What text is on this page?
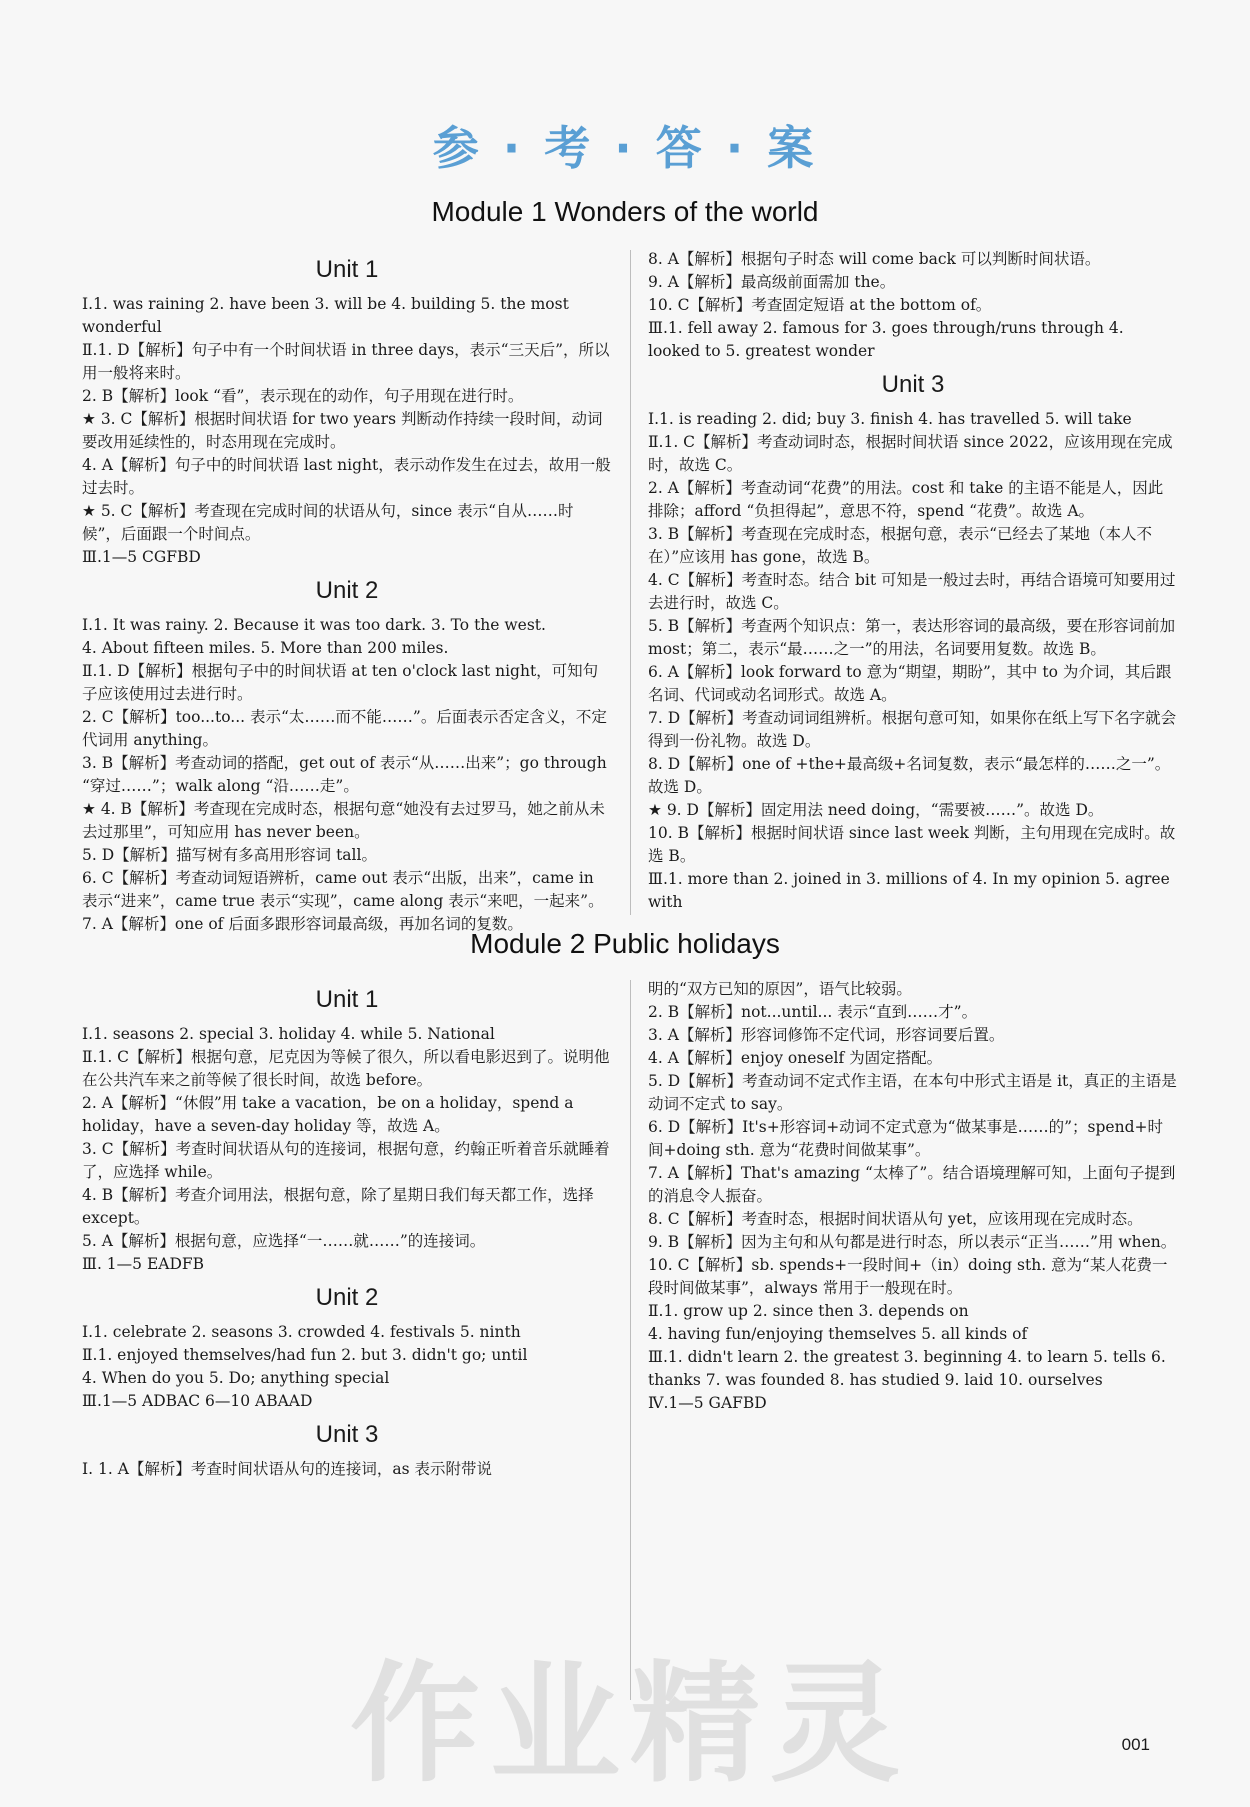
参 · 考 · 答 · 案
Module 1 Wonders of the world
Unit 1
Ⅰ.1. was raining 2. have been 3. will be 4. building 5. the most wonderful
Ⅱ.1. D【解析】句子中有一个时间状语 in three days，表示“三天后”，所以用一般将来时。
2. B【解析】look “看”，表示现在的动作，句子用现在进行时。
★ 3. C【解析】根据时间状语 for two years 判断动作持续一段时间，动词要改用延续性的，时态用现在完成时。
4. A【解析】句子中的时间状语 last night，表示动作发生在过去，故用一般过去时。
★ 5. C【解析】考查现在完成时间的状语从句，since 表示“自从……时候”，后面跟一个时间点。
Ⅲ.1—5 CGFBD
Unit 2
Ⅰ.1. It was rainy. 2. Because it was too dark. 3. To the west.
4. About fifteen miles. 5. More than 200 miles.
Ⅱ.1. D【解析】根据句子中的时间状语 at ten o'clock last night，可知句子应该使用过去进行时。
2. C【解析】too...to... 表示“太……而不能……”。后面表示否定含义，不定代词用 anything。
3. B【解析】考查动词的搭配，get out of 表示“从……出来”；go through “穿过……”；walk along “沿……走”。
★ 4. B【解析】考查现在完成时态，根据句意“她没有去过罗马，她之前从未去过那里”，可知应用 has never been。
5. D【解析】描写树有多高用形容词 tall。
6. C【解析】考查动词短语辨析，came out 表示“出版，出来”，came in 表示“进来”，came true 表示“实现”，came along 表示“来吧，一起来”。
7. A【解析】one of 后面多跟形容词最高级，再加名词的复数。
8. A【解析】根据句子时态 will come back 可以判断时间状语。
9. A【解析】最高级前面需加 the。
10. C【解析】考查固定短语 at the bottom of。
Ⅲ.1. fell away 2. famous for 3. goes through/runs through 4. looked to 5. greatest wonder
Unit 3
Ⅰ.1. is reading 2. did; buy 3. finish 4. has travelled 5. will take
Ⅱ.1. C【解析】考查动词时态，根据时间状语 since 2022，应该用现在完成时，故选 C。
2. A【解析】考查动词“花费”的用法。cost 和 take 的主语不能是人，因此排除；afford “负担得起”，意思不符，spend “花费”。故选 A。
3. B【解析】考查现在完成时态，根据句意，表示“已经去了某地（本人不在）”应该用 has gone，故选 B。
4. C【解析】考查时态。结合 bit 可知是一般过去时，再结合语境可知要用过去进行时，故选 C。
5. B【解析】考查两个知识点：第一，表达形容词的最高级，要在形容词前加 most；第二，表示“最……之一”的用法，名词要用复数。故选 B。
6. A【解析】look forward to 意为“期望，期盼”，其中 to 为介词，其后跟名词、代词或动名词形式。故选 A。
7. D【解析】考查动词词组辨析。根据句意可知，如果你在纸上写下名字就会得到一份礼物。故选 D。
8. D【解析】one of +the+最高级+名词复数，表示“最怎样的……之一”。故选 D。
★ 9. D【解析】固定用法 need doing，“需要被……”。故选 D。
10. B【解析】根据时间状语 since last week 判断，主句用现在完成时。故选 B。
Ⅲ.1. more than 2. joined in 3. millions of 4. In my opinion 5. agree with
Module 2 Public holidays
Unit 1
Ⅰ.1. seasons 2. special 3. holiday 4. while 5. National
Ⅱ.1. C【解析】根据句意，尼克因为等候了很久，所以看电影迟到了。说明他在公共汽车来之前等候了很长时间，故选 before。
2. A【解析】“休假”用 take a vacation，be on a holiday，spend a holiday，have a seven-day holiday 等，故选 A。
3. C【解析】考查时间状语从句的连接词，根据句意，约翰正听着音乐就睡着了，应选择 while。
4. B【解析】考查介词用法，根据句意，除了星期日我们每天都工作，选择 except。
5. A【解析】根据句意，应选择“一……就……”的连接词。
Ⅲ. 1—5 EADFB
Unit 2
Ⅰ.1. celebrate 2. seasons 3. crowded 4. festivals 5. ninth
Ⅱ.1. enjoyed themselves/had fun 2. but 3. didn't go; until
4. When do you 5. Do; anything special
Ⅲ.1—5 ADBAC 6—10 ABAAD
Unit 3
Ⅰ. 1. A【解析】考查时间状语从句的连接词，as 表示附带说
明的“双方已知的原因”，语气比较弱。
2. B【解析】not...until... 表示“直到……才”。
3. A【解析】形容词修饰不定代词，形容词要后置。
4. A【解析】enjoy oneself 为固定搭配。
5. D【解析】考查动词不定式作主语，在本句中形式主语是 it，真正的主语是动词不定式 to say。
6. D【解析】It's+形容词+动词不定式意为“做某事是……的”；spend+时间+doing sth. 意为“花费时间做某事”。
7. A【解析】That's amazing “太棒了”。结合语境理解可知，上面句子提到的消息令人振奋。
8. C【解析】考查时态，根据时间状语从句 yet，应该用现在完成时态。
9. B【解析】因为主句和从句都是进行时态，所以表示“正当……”用 when。
10. C【解析】sb. spends+一段时间+（in）doing sth. 意为“某人花费一段时间做某事”，always 常用于一般现在时。
Ⅱ.1. grow up 2. since then 3. depends on
4. having fun/enjoying themselves 5. all kinds of
Ⅲ.1. didn't learn 2. the greatest 3. beginning 4. to learn 5. tells 6. thanks 7. was founded 8. has studied 9. laid 10. ourselves
Ⅳ.1—5 GAFBD
作业精灵	001
